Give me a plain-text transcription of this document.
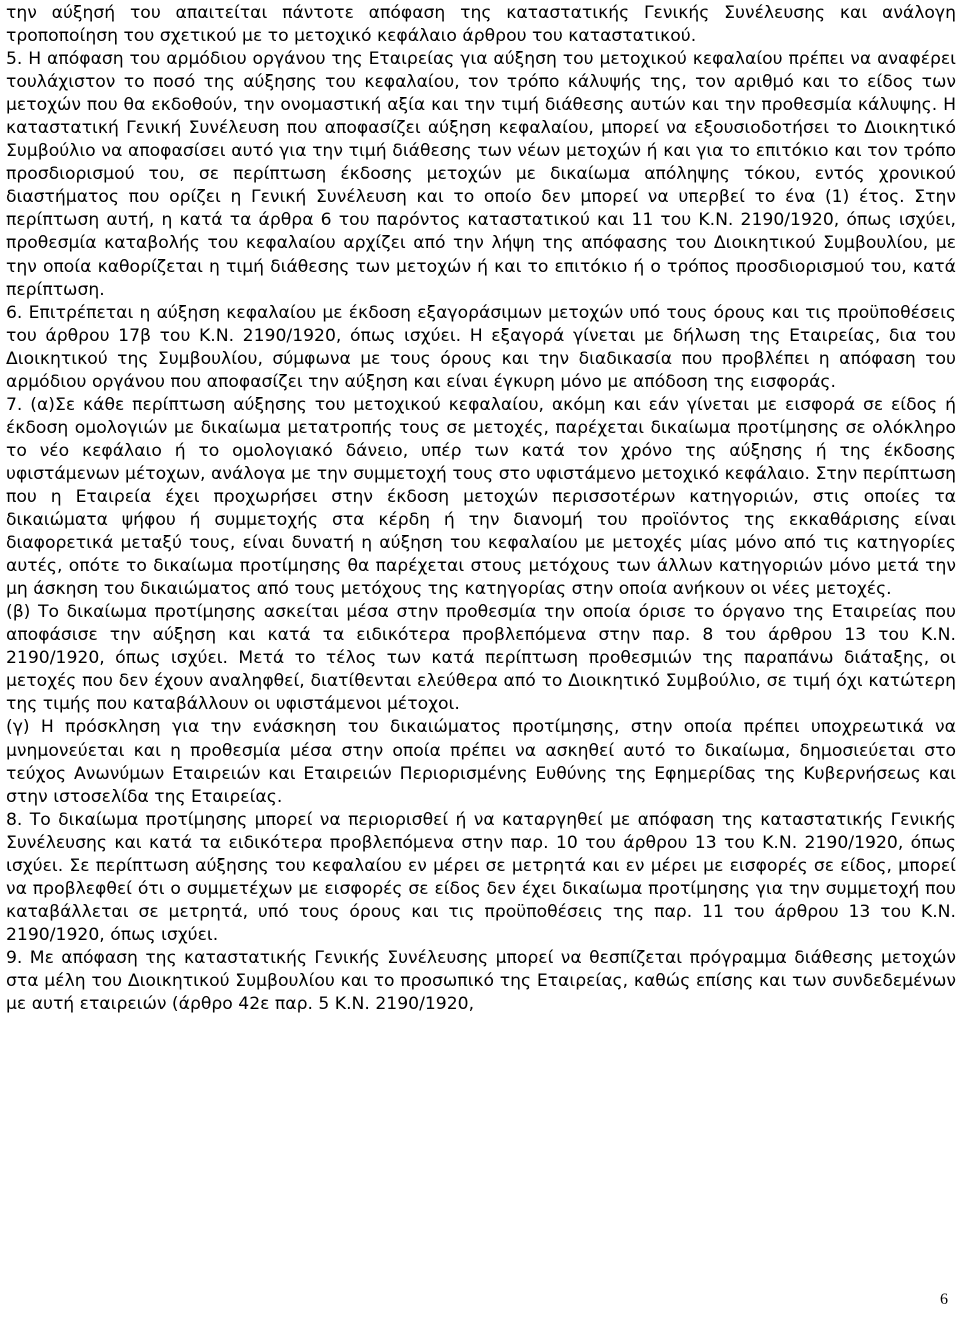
την αύξησή του απαιτείται πάντοτε απόφαση της καταστατικής Γενικής Συνέλευσης και ανάλογη τροποποίηση του σχετικού με το μετοχικό κεφάλαιο άρθρου του καταστατικού.

5. Η απόφαση του αρμόδιου οργάνου της Εταιρείας για αύξηση του μετοχικού κεφαλαίου πρέπει να αναφέρει τουλάχιστον το ποσό της αύξησης του κεφαλαίου, τον τρόπο κάλυψής της, τον αριθμό και το είδος των μετοχών που θα εκδοθούν, την ονομαστική αξία και την τιμή διάθεσης αυτών και την προθεσμία κάλυψης. Η καταστατική Γενική Συνέλευση που αποφασίζει αύξηση κεφαλαίου, μπορεί να εξουσιοδοτήσει το Διοικητικό Συμβούλιο να αποφασίσει αυτό για την τιμή διάθεσης των νέων μετοχών ή και για το επιτόκιο και τον τρόπο προσδιορισμού του, σε περίπτωση έκδοσης μετοχών με δικαίωμα απόληψης τόκου, εντός χρονικού διαστήματος που ορίζει η Γενική Συνέλευση και το οποίο δεν μπορεί να υπερβεί το ένα (1) έτος. Στην περίπτωση αυτή, η κατά τα άρθρα 6 του παρόντος καταστατικού και 11 του Κ.Ν. 2190/1920, όπως ισχύει, προθεσμία καταβολής του κεφαλαίου αρχίζει από την λήψη της απόφασης του Διοικητικού Συμβουλίου, με την οποία καθορίζεται η τιμή διάθεσης των μετοχών ή και το επιτόκιο ή ο τρόπος προσδιορισμού του, κατά περίπτωση.

6. Επιτρέπεται η αύξηση κεφαλαίου με έκδοση εξαγοράσιμων μετοχών υπό τους όρους και τις προϋποθέσεις του άρθρου 17β του Κ.Ν. 2190/1920, όπως ισχύει. Η εξαγορά γίνεται με δήλωση της Εταιρείας, δια του Διοικητικού της Συμβουλίου, σύμφωνα με τους όρους και την διαδικασία που προβλέπει η απόφαση του αρμόδιου οργάνου που αποφασίζει την αύξηση και είναι έγκυρη μόνο με απόδοση της εισφοράς.

7. (α)Σε κάθε περίπτωση αύξησης του μετοχικού κεφαλαίου, ακόμη και εάν γίνεται με εισφορά σε είδος ή έκδοση ομολογιών με δικαίωμα μετατροπής τους σε μετοχές, παρέχεται δικαίωμα προτίμησης σε ολόκληρο το νέο κεφάλαιο ή το ομολογιακό δάνειο, υπέρ των κατά τον χρόνο της αύξησης ή της έκδοσης υφιστάμενων μέτοχων, ανάλογα με την συμμετοχή τους στο υφιστάμενο μετοχικό κεφάλαιο. Στην περίπτωση που η Εταιρεία έχει προχωρήσει στην έκδοση μετοχών περισσοτέρων κατηγοριών, στις οποίες τα δικαιώματα ψήφου ή συμμετοχής στα κέρδη ή την διανομή του προϊόντος της εκκαθάρισης είναι διαφορετικά μεταξύ τους, είναι δυνατή η αύξηση του κεφαλαίου με μετοχές μίας μόνο από τις κατηγορίες αυτές, οπότε το δικαίωμα προτίμησης θα παρέχεται στους μετόχους των άλλων κατηγοριών μόνο μετά την μη άσκηση του δικαιώματος από τους μετόχους της κατηγορίας στην οποία ανήκουν οι νέες μετοχές.

(β) Το δικαίωμα προτίμησης ασκείται μέσα στην προθεσμία την οποία όρισε το όργανο της Εταιρείας που αποφάσισε την αύξηση και κατά τα ειδικότερα προβλεπόμενα στην παρ. 8 του άρθρου 13 του Κ.Ν. 2190/1920, όπως ισχύει. Μετά το τέλος των κατά περίπτωση προθεσμιών της παραπάνω διάταξης, οι μετοχές που δεν έχουν αναληφθεί, διατίθενται ελεύθερα από το Διοικητικό Συμβούλιο, σε τιμή όχι κατώτερη της τιμής που καταβάλλουν οι υφιστάμενοι μέτοχοι.

(γ) Η πρόσκληση για την ενάσκηση του δικαιώματος προτίμησης, στην οποία πρέπει υποχρεωτικά να μνημονεύεται και η προθεσμία μέσα στην οποία πρέπει να ασκηθεί αυτό το δικαίωμα, δημοσιεύεται στο τεύχος Ανωνύμων Εταιρειών και Εταιρειών Περιορισμένης Ευθύνης της Εφημερίδας της Κυβερνήσεως και στην ιστοσελίδα της Εταιρείας.

8. Το δικαίωμα προτίμησης μπορεί να περιορισθεί ή να καταργηθεί με απόφαση της καταστατικής Γενικής Συνέλευσης και κατά τα ειδικότερα προβλεπόμενα στην παρ. 10 του άρθρου 13 του Κ.Ν. 2190/1920, όπως ισχύει. Σε περίπτωση αύξησης του κεφαλαίου εν μέρει σε μετρητά και εν μέρει με εισφορές σε είδος, μπορεί να προβλεφθεί ότι ο συμμετέχων με εισφορές σε είδος δεν έχει δικαίωμα προτίμησης για την συμμετοχή που καταβάλλεται σε μετρητά, υπό τους όρους και τις προϋποθέσεις της παρ. 11 του άρθρου 13 του Κ.Ν. 2190/1920, όπως ισχύει.

9. Με απόφαση της καταστατικής Γενικής Συνέλευσης μπορεί να θεσπίζεται πρόγραμμα διάθεσης μετοχών στα μέλη του Διοικητικού Συμβουλίου και το προσωπικό της Εταιρείας, καθώς επίσης και των συνδεδεμένων με αυτή εταιρειών (άρθρο 42ε παρ. 5 Κ.Ν. 2190/1920,

6
